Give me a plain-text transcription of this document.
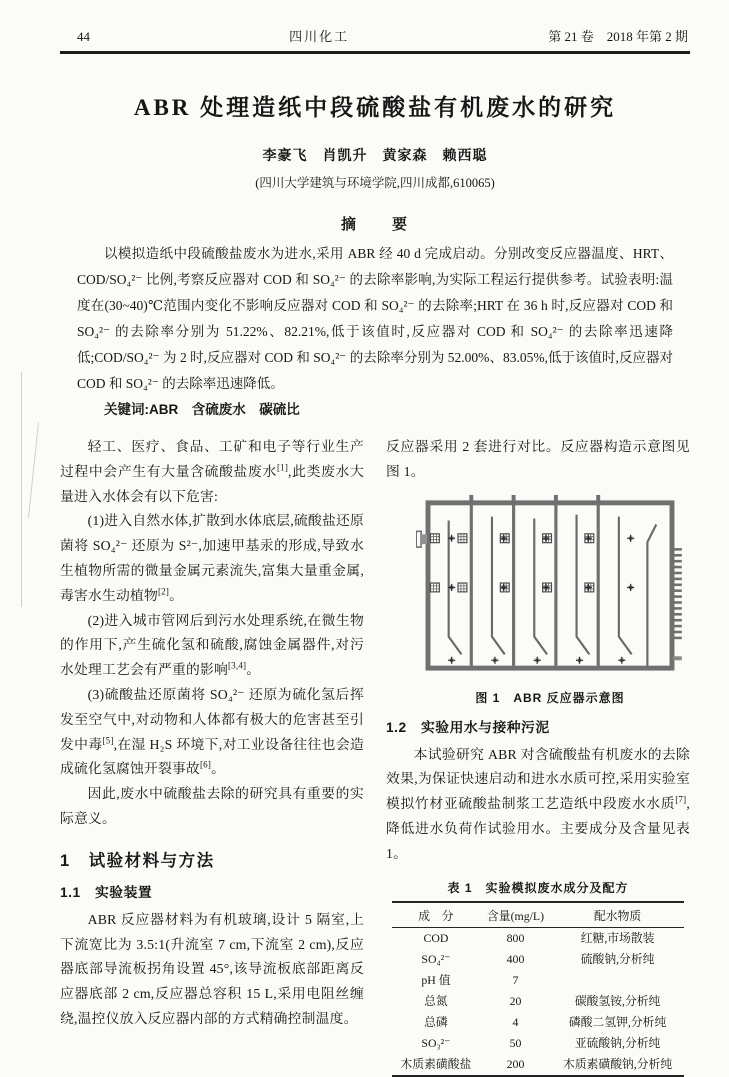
44	四川化工	第 21 卷　2018 年第 2 期
ABR 处理造纸中段硫酸盐有机废水的研究
李豪飞　肖凯升　黄家森　赖西聪
(四川大学建筑与环境学院,四川成都,610065)
摘　　要

以模拟造纸中段硫酸盐废水为进水,采用 ABR 经 40 d 完成启动。分别改变反应器温度、HRT、COD/SO₄²⁻ 比例,考察反应器对 COD 和 SO₄²⁻ 的去除率影响,为实际工程运行提供参考。试验表明:温度在(30~40)℃范围内变化不影响反应器对 COD 和 SO₄²⁻ 的去除率;HRT 在 36 h 时,反应器对 COD 和 SO₄²⁻ 的去除率分别为 51.22%、82.21%,低于该值时,反应器对 COD 和 SO₄²⁻ 的去除率迅速降低;COD/SO₄²⁻ 为 2 时,反应器对 COD 和 SO₄²⁻ 的去除率分别为 52.00%、83.05%,低于该值时,反应器对 COD 和 SO₄²⁻ 的去除率迅速降低。

关键词:ABR　含硫废水　碳硫比

轻工、医疗、食品、工矿和电子等行业生产过程中会产生有大量含硫酸盐废水[1],此类废水大量进入水体会有以下危害:

(1)进入自然水体,扩散到水体底层,硫酸盐还原菌将 SO₄²⁻ 还原为 S²⁻,加速甲基汞的形成,导致水生植物所需的微量金属元素流失,富集大量重金属,毒害水生动植物[2]。

(2)进入城市管网后到污水处理系统,在微生物的作用下,产生硫化氢和硫酸,腐蚀金属器件,对污水处理工艺会有严重的影响[3,4]。

(3)硫酸盐还原菌将 SO₄²⁻ 还原为硫化氢后挥发至空气中,对动物和人体都有极大的危害甚至引发中毒[5],在湿 H₂S 环境下,对工业设备往往也会造成硫化氢腐蚀开裂事故[6]。

因此,废水中硫酸盐去除的研究具有重要的实际意义。

1　试验材料与方法
1.1　实验装置

ABR 反应器材料为有机玻璃,设计 5 隔室,上下流宽比为 3.5:1(升流室 7 cm,下流室 2 cm),反应器底部导流板拐角设置 45°,该导流板底部距离反应器底部 2 cm,反应器总容积 15 L,采用电阻丝缠绕,温控仪放入反应器内部的方式精确控制温度。

反应器采用 2 套进行对比。反应器构造示意图见图 1。

图 1　ABR 反应器示意图
1.2　实验用水与接种污泥

本试验研究 ABR 对含硫酸盐有机废水的去除效果,为保证快速启动和进水水质可控,采用实验室模拟竹材亚硫酸盐制浆工艺造纸中段废水水质[7],降低进水负荷作试验用水。主要成分及含量见表 1。

表 1　实验模拟废水成分及配方
成　分	含量(mg/L)	配水物质
COD	800	红糖,市场散装
SO₄²⁻	400	硫酸钠,分析纯
pH 值	7	
总氮	20	碳酸氢铵,分析纯
总磷	4	磷酸二氢钾,分析纯
SO₃²⁻	50	亚硫酸钠,分析纯
木质素磺酸盐	200	木质素磺酸钠,分析纯
